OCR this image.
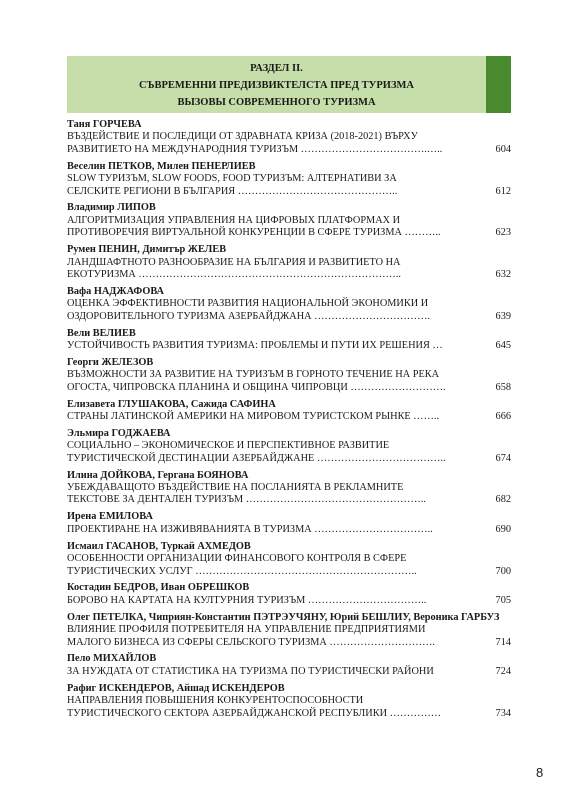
РАЗДЕЛ II.
СЪВРЕМЕННИ ПРЕДИЗВИКТЕЛСТА ПРЕД ТУРИЗМА
ВЫЗОВЫ СОВРЕМЕННОГО ТУРИЗМА
Таня ГОРЧЕВА
ВЪЗДЕЙСТВИЕ И ПОСЛЕДИЦИ ОТ ЗДРАВНАТА КРИЗА (2018-2021) ВЪРХУ
РАЗВИТИЕТО НА МЕЖДУНАРОДНИЯ ТУРИЗЪМ ……………………………….…..	604
Веселин ПЕТКОВ, Милен ПЕНЕРЛИЕВ
SLOW ТУРИЗЪМ, SLOW FOODS, FOOD ТУРИЗЪМ: АЛТЕРНАТИВИ ЗА
СЕЛСКИТЕ РЕГИОНИ В БЪЛГАРИЯ ………………………………………..	612
Владимир ЛИПОВ
АЛГОРИТМИЗАЦИЯ УПРАВЛЕНИЯ НА ЦИФРОВЫХ ПЛАТФОРМАХ И
ПРОТИВОРЕЧИЯ ВИРТУАЛЬНОЙ КОНКУРЕНЦИИ В СФЕРЕ ТУРИЗМА ………..	623
Румен ПЕНИН, Димитър ЖЕЛЕВ
ЛАНДШАФТНОТО РАЗНООБРАЗИЕ НА БЪЛГАРИЯ И РАЗВИТИЕТО НА
ЕКОТУРИЗМА …………………………………………………………………..	632
Вафа НАДЖАФОВА
ОЦЕНКА ЭФФЕКТИВНОСТИ РАЗВИТИЯ НАЦИОНАЛЬНОЙ ЭКОНОМИКИ И
ОЗДОРОВИТЕЛЬНОГО ТУРИЗМА АЗЕРБАЙДЖАНА …………………………….	639
Вели ВЕЛИЕВ
УСТОЙЧИВОСТЬ РАЗВИТИЯ ТУРИЗМА: ПРОБЛЕМЫ И ПУТИ ИХ РЕШЕНИЯ …	645
Георги ЖЕЛЕЗОВ
ВЪЗМОЖНОСТИ ЗА РАЗВИТИЕ НА ТУРИЗЪМ В ГОРНОТО ТЕЧЕНИЕ НА РЕКА
ОГОСТА, ЧИПРОВСКА ПЛАНИНА И ОБЩИНА ЧИПРОВЦИ ……………………….	658
Елизавета ГЛУШАКОВА, Сажида САФИНА
СТРАНЫ ЛАТИНСКОЙ АМЕРИКИ НА МИРОВОМ ТУРИСТСКОМ РЫНКЕ ……..	666
Эльмира ГОДЖАЕВА
СОЦИАЛЬНО – ЭКОНОМИЧЕСКОЕ И ПЕРСПЕКТИВНОЕ РАЗВИТИЕ
ТУРИСТИЧЕСКОЙ ДЕСТИНАЦИИ АЗЕРБАЙДЖАНЕ ………………………………..	674
Илина ДОЙКОВА, Гергана БОЯНОВА
УБЕЖДАВАЩОТО ВЪЗДЕЙСТВИЕ НА ПОСЛАНИЯТА В РЕКЛАМНИТЕ
ТЕКСТОВЕ ЗА ДЕНТАЛЕН ТУРИЗЪМ ……………………………………………..	682
Ирена ЕМИЛОВА
ПРОЕКТИРАНЕ НА ИЗЖИВЯВАНИЯТА В ТУРИЗМА ……………………………..	690
Исмаил ГАСАНОВ, Туркай АХМЕДОВ
ОСОБЕННОСТИ ОРГАНИЗАЦИИ ФИНАНСОВОГО КОНТРОЛЯ В СФЕРЕ
ТУРИСТИЧЕСКИХ УСЛУГ ………………………………………………………..	700
Костадин БЕДРОВ, Иван ОБРЕШКОВ
БОРОВО НА КАРТАТА НА КУЛТУРНИЯ ТУРИЗЪМ ……………………………..	705
Олег ПЕТЕЛКА, Чиприян-Константин ПЭТРЭУЧЯНУ, Юрий БЕШЛИУ, Вероника ГАРБУЗ
ВЛИЯНИЕ ПРОФИЛЯ ПОТРЕБИТЕЛЯ НА УПРАВЛЕНИЕ ПРЕДПРИЯТИЯМИ
МАЛОГО БИЗНЕСА ИЗ СФЕРЫ СЕЛЬСКОГО ТУРИЗМА ………………………….	714
Пело МИХАЙЛОВ
ЗА НУЖДАТА ОТ СТАТИСТИКА НА ТУРИЗМА ПО ТУРИСТИЧЕСКИ РАЙОНИ	724
Рафиг ИСКЕНДЕРОВ, Айшад ИСКЕНДЕРОВ
НАПРАВЛЕНИЯ ПОВЫШЕНИЯ КОНКУРЕНТОСПОСОБНОСТИ
ТУРИСТИЧЕСКОГО СЕКТОРА АЗЕРБАЙДЖАНСКОЙ РЕСПУБЛИКИ ……………	734
8
